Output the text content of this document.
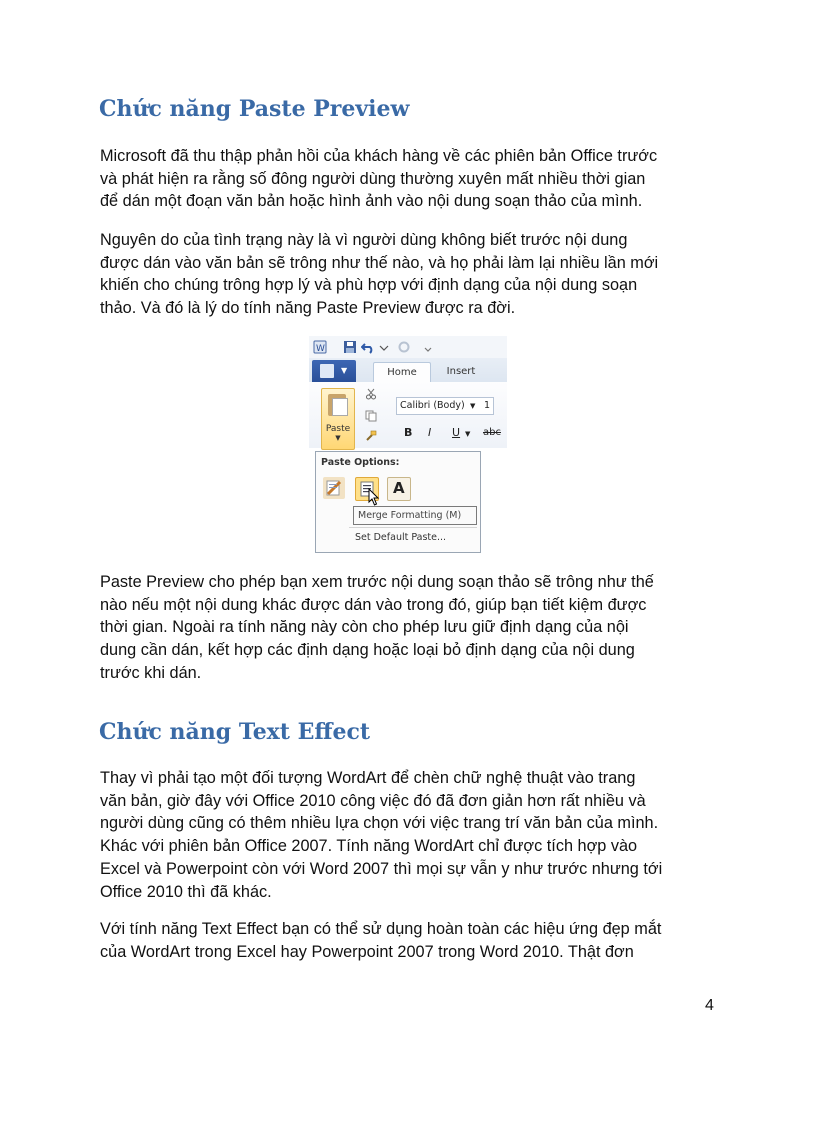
Chức năng Paste Preview

Microsoft đã thu thập phản hồi của khách hàng về các phiên bản Office trước
và phát hiện ra rằng số đông người dùng thường xuyên mất nhiều thời gian
để dán một đoạn văn bản hoặc hình ảnh vào nội dung soạn thảo của mình.

Nguyên do của tình trạng này là vì người dùng không biết trước nội dung
được dán vào văn bản sẽ trông như thế nào, và họ phải làm lại nhiều lần mới
khiến cho chúng trông hợp lý và phù hợp với định dạng của nội dung soạn
thảo. Và đó là lý do tính năng Paste Preview được ra đời.

W
▼	Home	Insert
Paste
▼
Calibri (Body) ▼ 1
B I U ▼ abc
Paste Options:
A
Merge Formatting (M)
Set Default Paste...

Paste Preview cho phép bạn xem trước nội dung soạn thảo sẽ trông như thế
nào nếu một nội dung khác được dán vào trong đó, giúp bạn tiết kiệm được
thời gian. Ngoài ra tính năng này còn cho phép lưu giữ định dạng của nội
dung cần dán, kết hợp các định dạng hoặc loại bỏ định dạng của nội dung
trước khi dán.

Chức năng Text Effect

Thay vì phải tạo một đối tượng WordArt để chèn chữ nghệ thuật vào trang
văn bản, giờ đây với Office 2010 công việc đó đã đơn giản hơn rất nhiều và
người dùng cũng có thêm nhiều lựa chọn với việc trang trí văn bản của mình.
Khác với phiên bản Office 2007. Tính năng WordArt chỉ được tích hợp vào
Excel và Powerpoint còn với Word 2007 thì mọi sự vẫn y như trước nhưng tới
Office 2010 thì đã khác.

Với tính năng Text Effect bạn có thể sử dụng hoàn toàn các hiệu ứng đẹp mắt
của WordArt trong Excel hay Powerpoint 2007 trong Word 2010. Thật đơn

4
